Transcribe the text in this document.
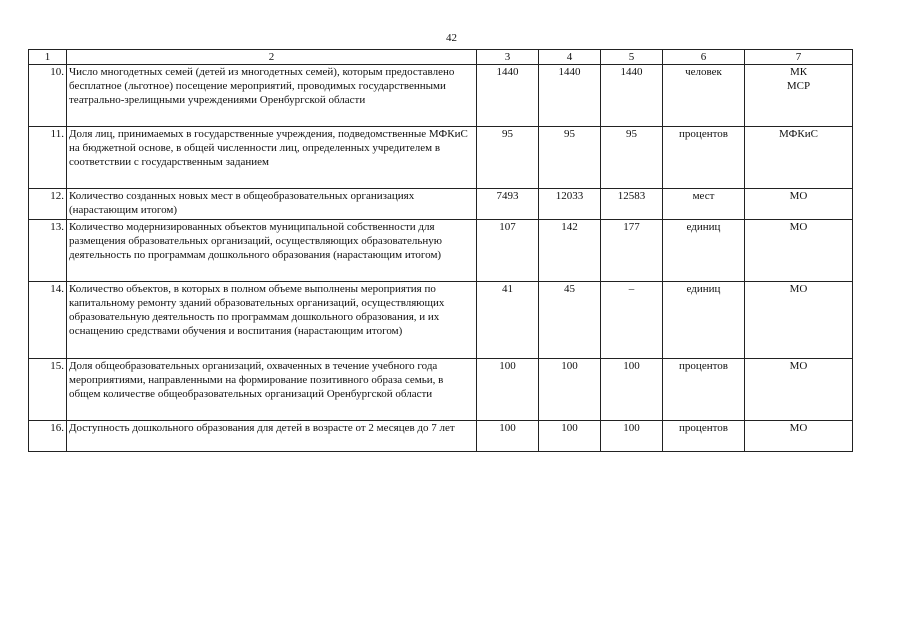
42
1	2	3	4	5	6	7
10.	Число многодетных семей (детей из многодетных семей), которым предоставлено бесплатное (льготное) посещение мероприятий, проводимых государственными театрально-зрелищными учреждениями Оренбургской области	1440	1440	1440	человек	МК
МСР

11.	Доля лиц, принимаемых в государственные учреждения, подведомственные МФКиС на бюджетной основе, в общей численности лиц, определенных учредителем в соответствии с государственным заданием	95	95	95	процентов	МФКиС

12.	Количество созданных новых мест в общеобразовательных организациях (нарастающим итогом)	7493	12033	12583	мест	МО

13.	Количество модернизированных объектов муниципальной собственности для размещения образовательных организаций, осуществляющих образовательную деятельность по программам дошкольного образования (нарастающим итогом)	107	142	177	единиц	МО

14.	Количество объектов, в которых в полном объеме выполнены мероприятия по капитальному ремонту зданий образовательных организаций, осуществляющих образовательную деятельность по программам дошкольного образования, и их оснащению средствами обучения и воспитания (нарастающим итогом)	41	45	–	единиц	МО

15.	Доля общеобразовательных организаций, охваченных в течение учебного года мероприятиями, направленными на формирование позитивного образа семьи, в общем количестве общеобразовательных организаций Оренбургской области	100	100	100	процентов	МО

16.	Доступность дошкольного образования для детей в возрасте от 2 месяцев до 7 лет	100	100	100	процентов	МО
